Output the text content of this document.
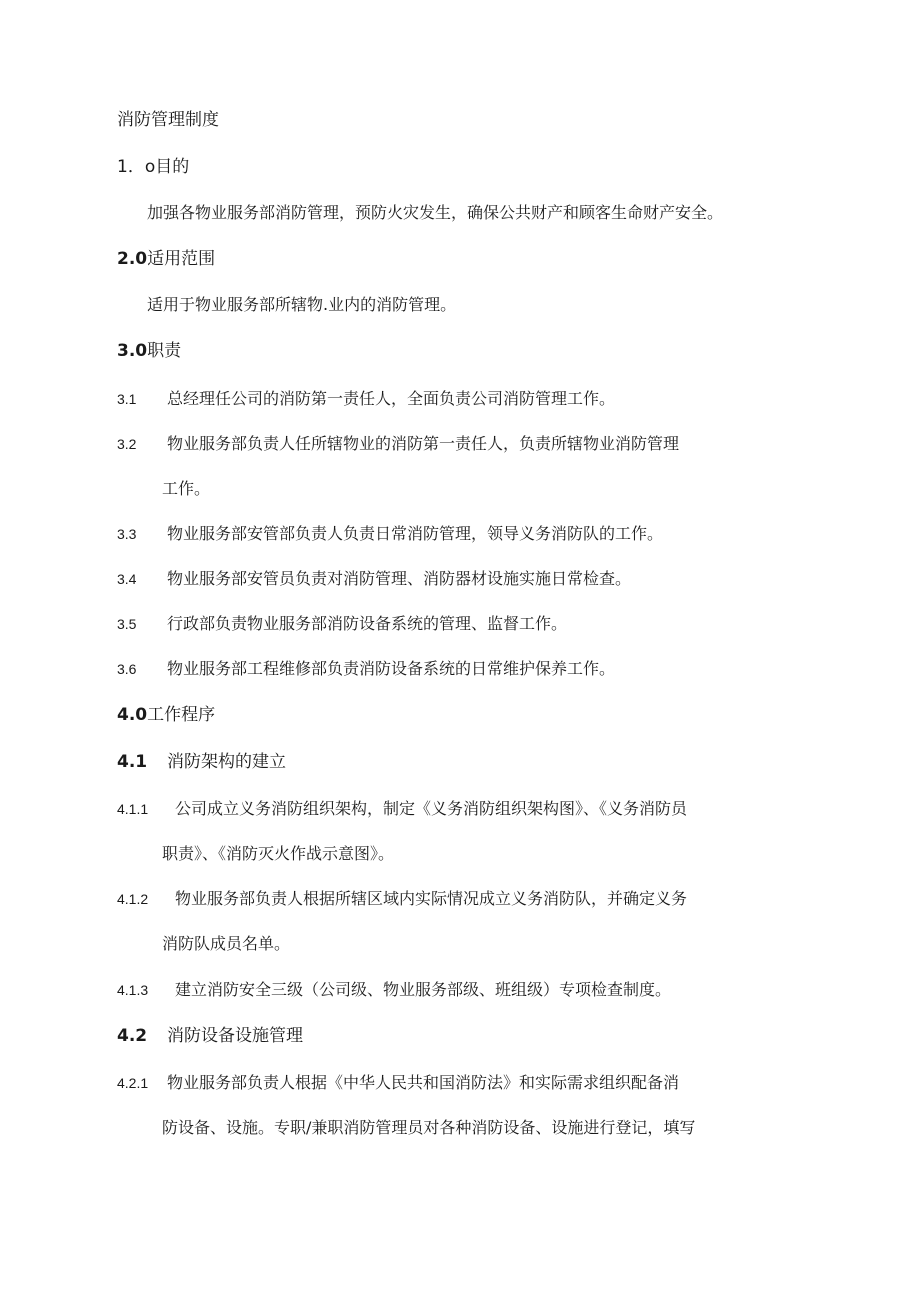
消防管理制度
1．o目的
加强各物业服务部消防管理，预防火灾发生，确保公共财产和顾客生命财产安全。
2.0适用范围
适用于物业服务部所辖物.业内的消防管理。
3.0职责
3.1 总经理任公司的消防第一责任人，全面负责公司消防管理工作。
3.2 物业服务部负责人任所辖物业的消防第一责任人，负责所辖物业消防管理
工作。
3.3 物业服务部安管部负责人负责日常消防管理，领导义务消防队的工作。
3.4 物业服务部安管员负责对消防管理、消防器材设施实施日常检查。
3.5 行政部负责物业服务部消防设备系统的管理、监督工作。
3.6 物业服务部工程维修部负责消防设备系统的日常维护保养工作。
4.0工作程序
4.1 消防架构的建立
4.1.1 公司成立义务消防组织架构，制定《义务消防组织架构图》、《义务消防员
职责》、《消防灭火作战示意图》。
4.1.2 物业服务部负责人根据所辖区域内实际情况成立义务消防队，并确定义务
消防队成员名单。
4.1.3 建立消防安全三级（公司级、物业服务部级、班组级）专项检查制度。
4.2 消防设备设施管理
4.2.1 物业服务部负责人根据《中华人民共和国消防法》和实际需求组织配备消
防设备、设施。专职/兼职消防管理员对各种消防设备、设施进行登记，填写
